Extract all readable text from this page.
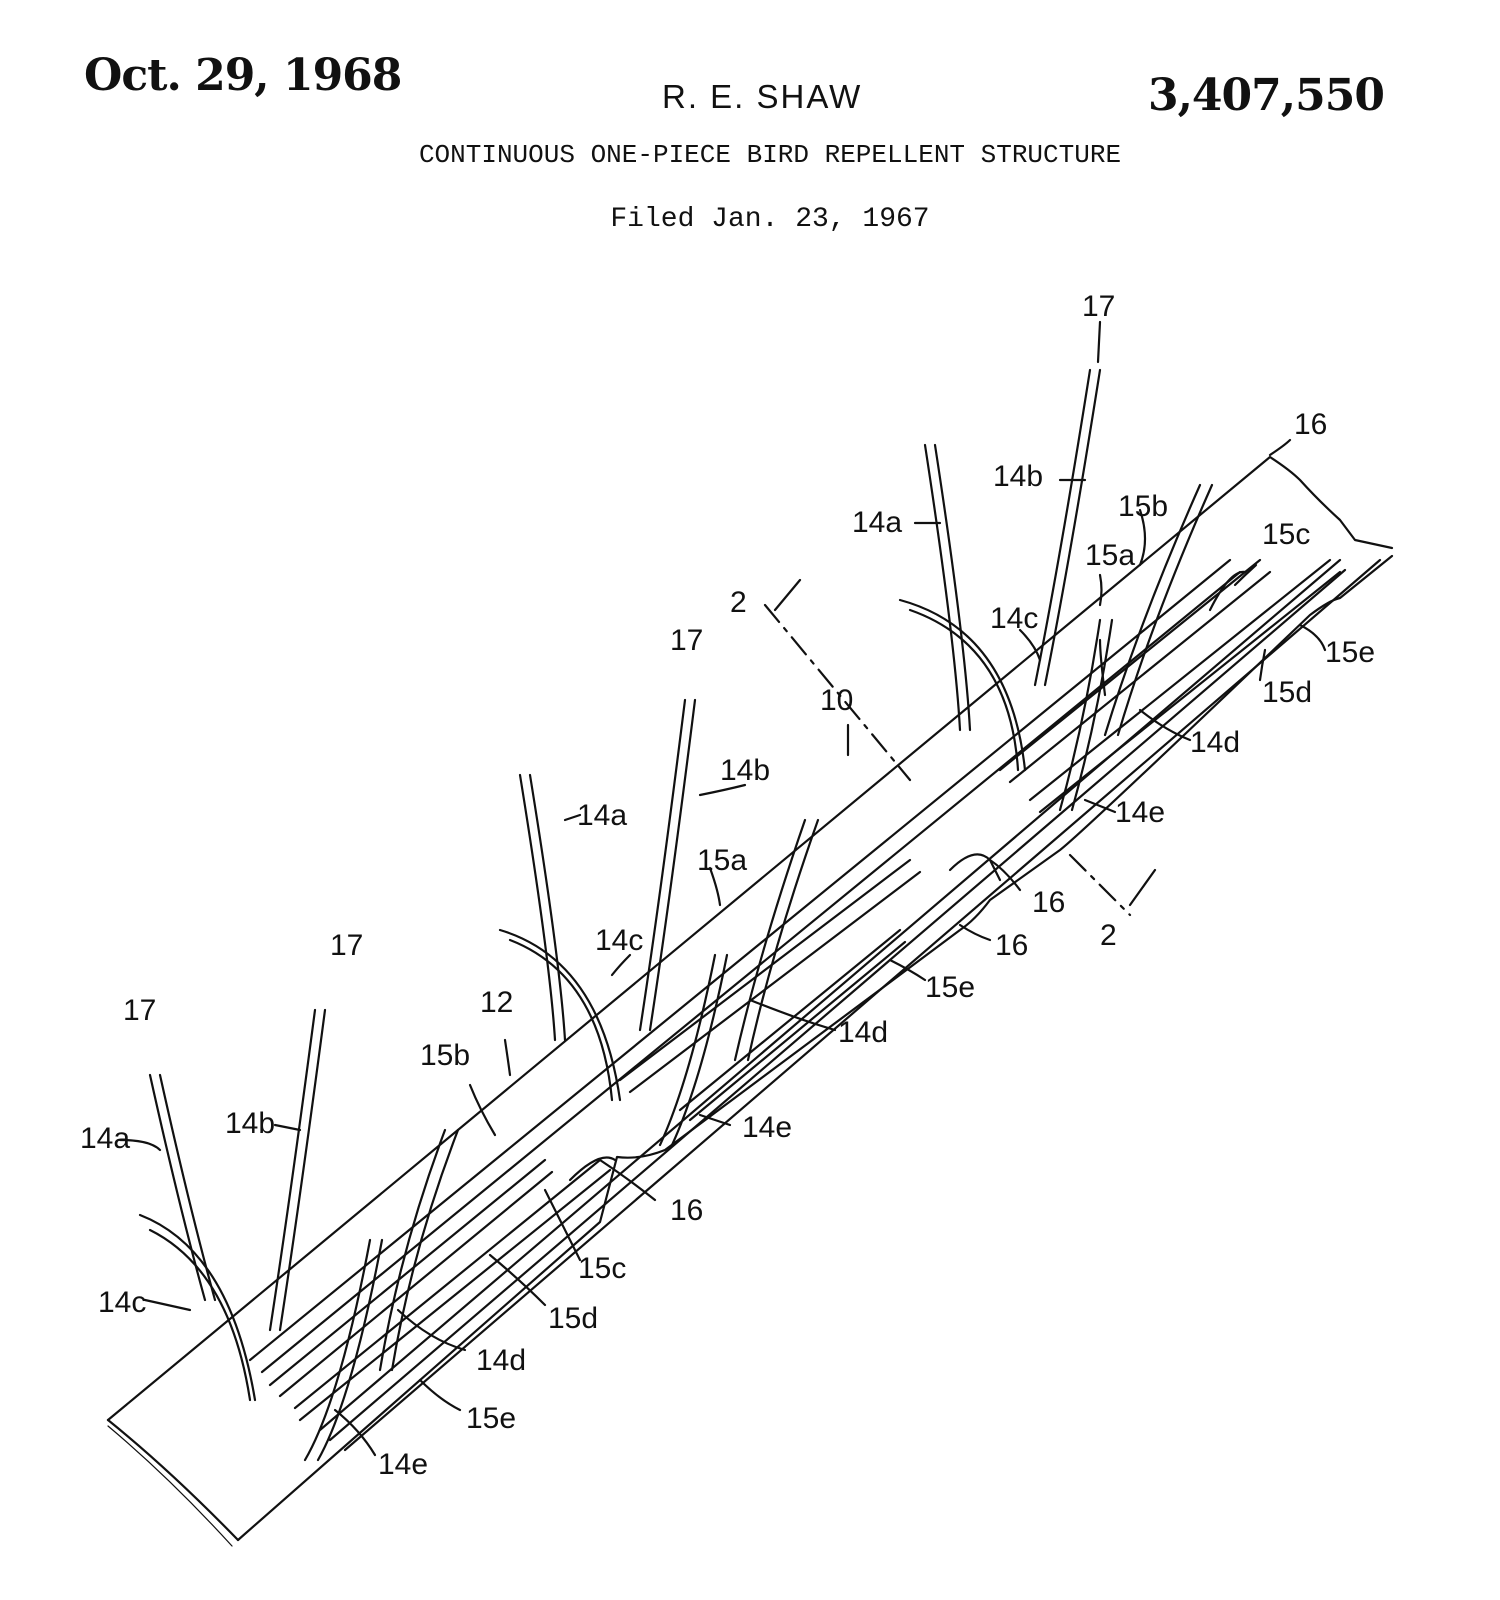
Oct. 29, 1968	R. E. SHAW	3,407,550
CONTINUOUS ONE-PIECE BIRD REPELLENT STRUCTURE
Filed Jan. 23, 1967
17
16
15b
15c
15a
14a
14b
14c
14d
14e
15e
15d
2
2
10
17
14b
14a
15a
16
16
15e
14c
14d
12
17
17
15b
14e
14a	14b
16
15c
14c	15d
14d
15e
14e
